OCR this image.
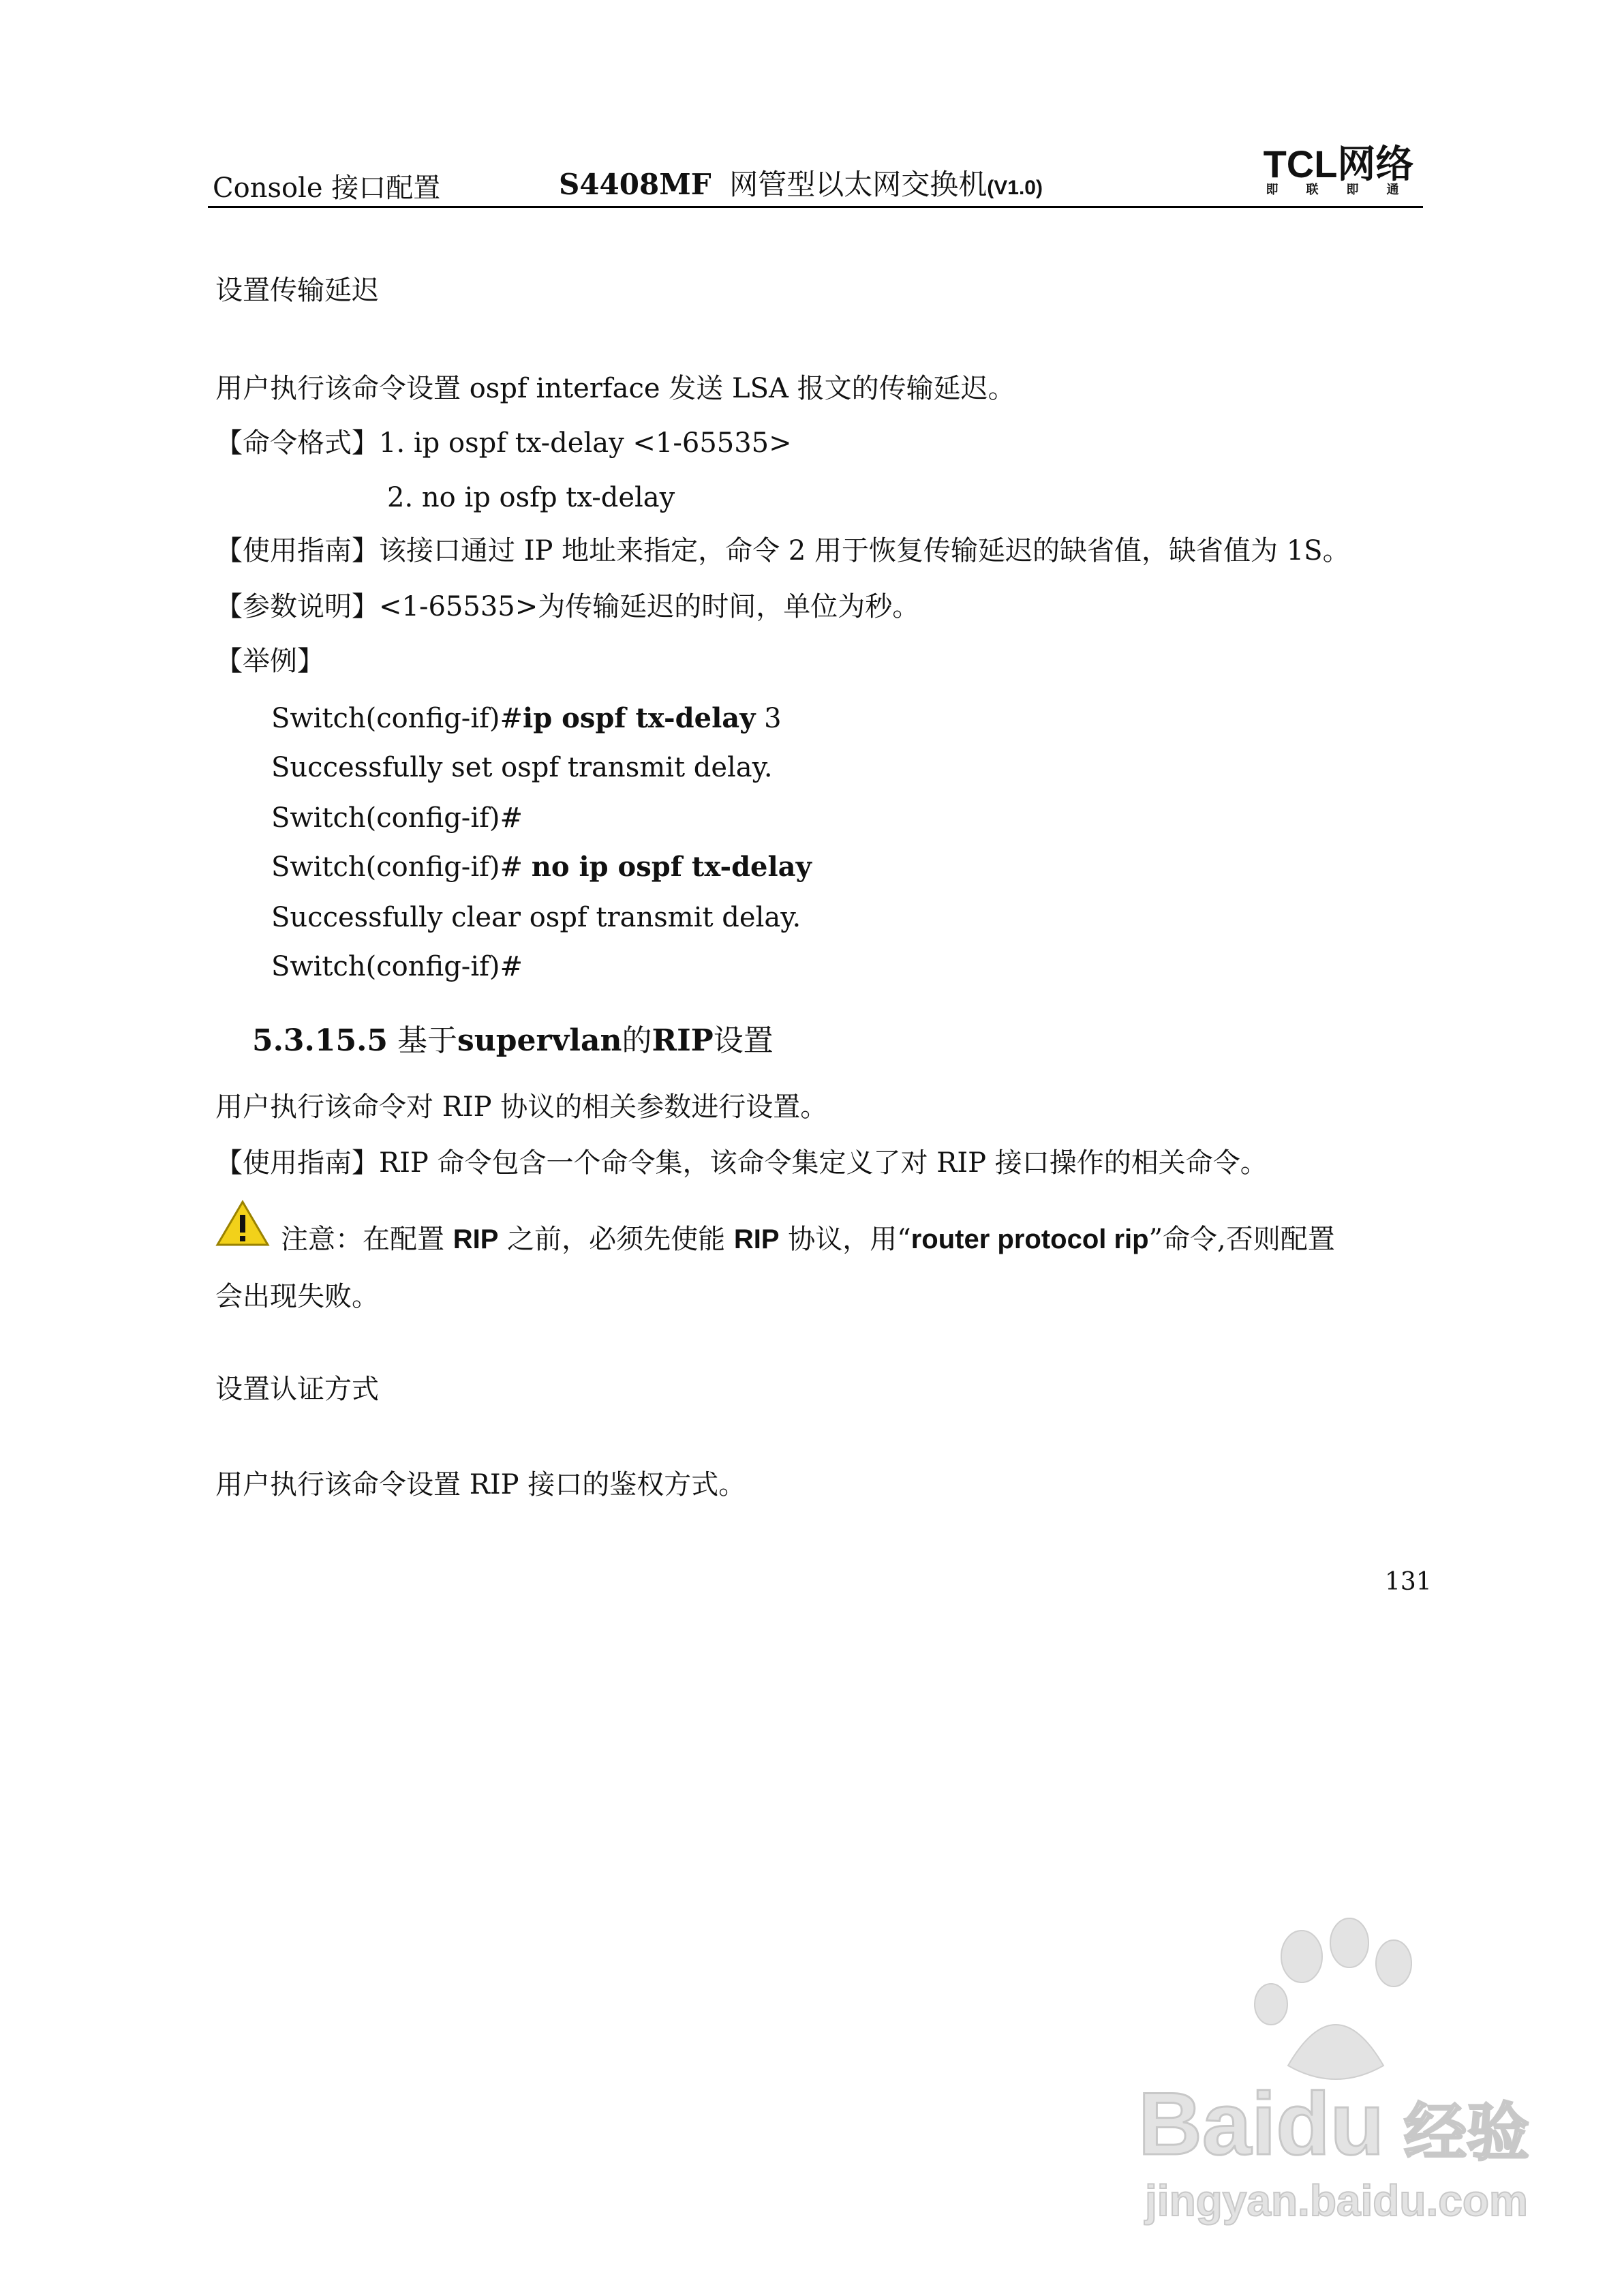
Console 接口配置	S4408MF 网管型以太网交换机(V1.0)
TCL网络
即 联 即 通
设置传输延迟
用户执行该命令设置 ospf interface 发送 LSA 报文的传输延迟。
【命令格式】1. ip ospf tx-delay <1-65535>
2. no ip osfp tx-delay
【使用指南】该接口通过 IP 地址来指定，命令 2 用于恢复传输延迟的缺省值，缺省值为 1S。
【参数说明】<1-65535>为传输延迟的时间，单位为秒。
【举例】
Switch(config-if)#ip ospf tx-delay 3
Successfully set ospf transmit delay.
Switch(config-if)#
Switch(config-if)# no ip ospf tx-delay
Successfully clear ospf transmit delay.
Switch(config-if)#
5.3.15.5 基于supervlan的RIP设置
用户执行该命令对 RIP 协议的相关参数进行设置。
【使用指南】RIP 命令包含一个命令集，该命令集定义了对 RIP 接口操作的相关命令。
注意：在配置 RIP 之前，必须先使能 RIP 协议，用“router protocol rip”命令,否则配置
会出现失败。
设置认证方式
用户执行该命令设置 RIP 接口的鉴权方式。
131
Baidu 经验
jingyan.baidu.com
